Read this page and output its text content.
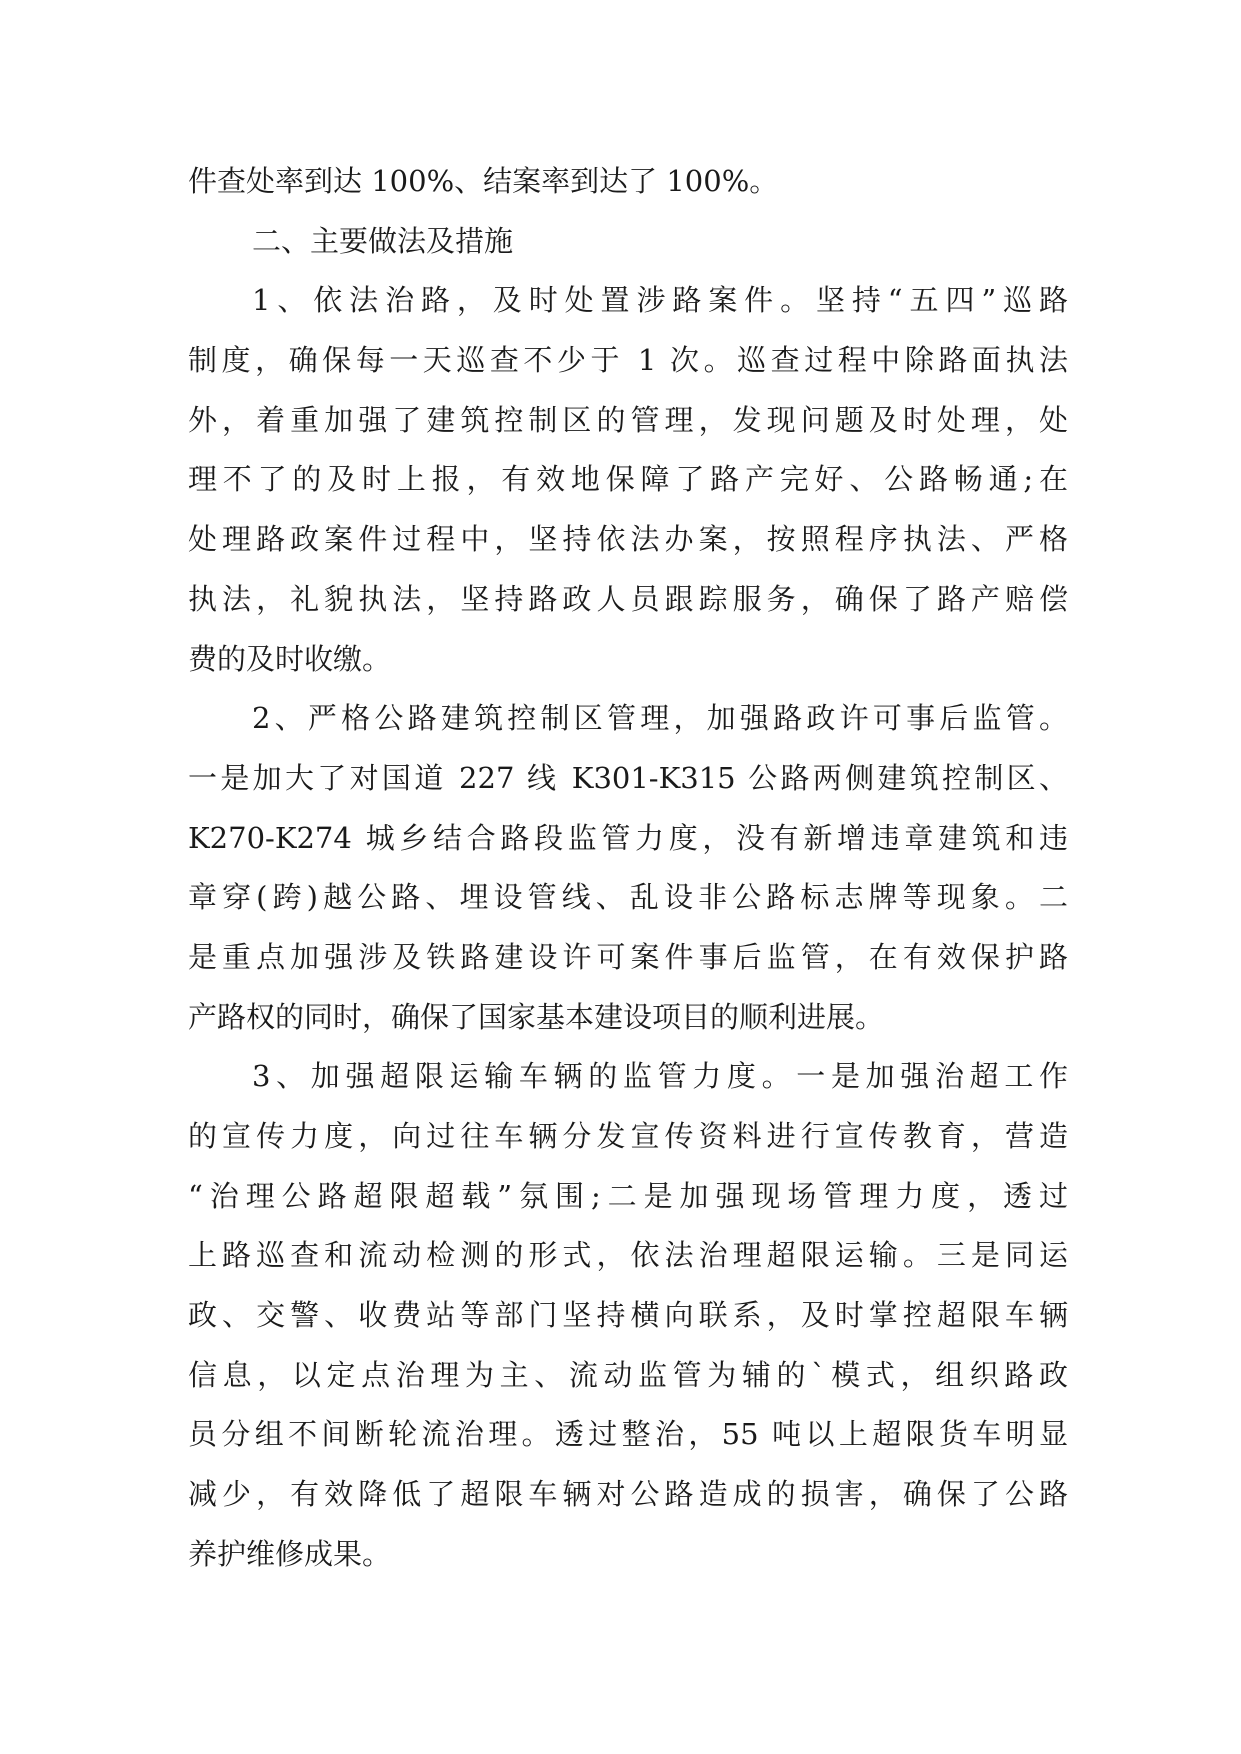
件查处率到达 100%、结案率到达了 100%。
二、主要做法及措施
1、依法治路，及时处置涉路案件。坚持“五四”巡路
制度，确保每一天巡查不少于 1 次。巡查过程中除路面执法
外，着重加强了建筑控制区的管理，发现问题及时处理，处
理不了的及时上报，有效地保障了路产完好、公路畅通;在
处理路政案件过程中，坚持依法办案，按照程序执法、严格
执法，礼貌执法，坚持路政人员跟踪服务，确保了路产赔偿
费的及时收缴。
2、严格公路建筑控制区管理，加强路政许可事后监管。
一是加大了对国道 227 线 K301-K315 公路两侧建筑控制区、
K270-K274 城乡结合路段监管力度，没有新增违章建筑和违
章穿(跨)越公路、埋设管线、乱设非公路标志牌等现象。二
是重点加强涉及铁路建设许可案件事后监管，在有效保护路
产路权的同时，确保了国家基本建设项目的顺利进展。
3、加强超限运输车辆的监管力度。一是加强治超工作
的宣传力度，向过往车辆分发宣传资料进行宣传教育，营造
“治理公路超限超载”氛围;二是加强现场管理力度，透过
上路巡查和流动检测的形式，依法治理超限运输。三是同运
政、交警、收费站等部门坚持横向联系，及时掌控超限车辆
信息，以定点治理为主、流动监管为辅的`模式，组织路政
员分组不间断轮流治理。透过整治，55 吨以上超限货车明显
减少，有效降低了超限车辆对公路造成的损害，确保了公路
养护维修成果。
